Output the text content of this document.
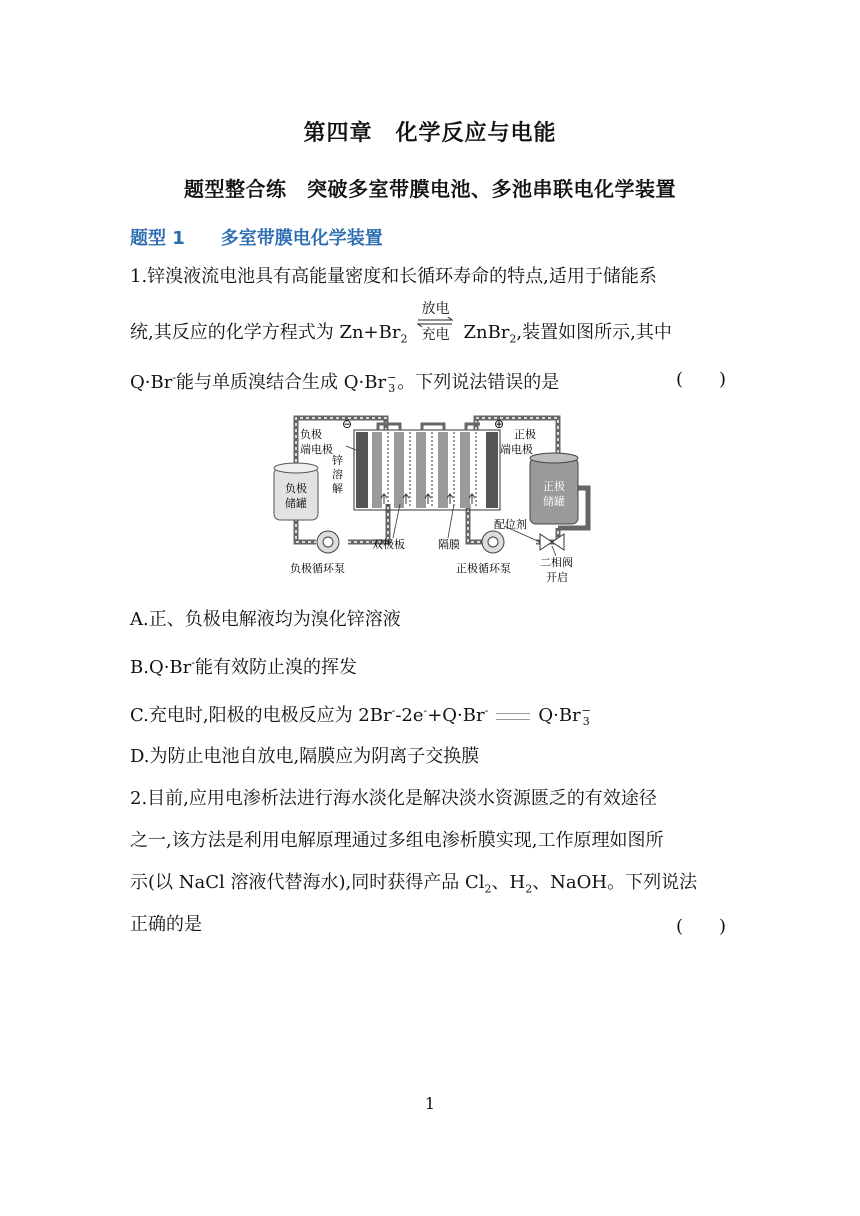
第四章　化学反应与电能
题型整合练　突破多室带膜电池、多池串联电化学装置
题型 1 多室带膜电化学装置
1.锌溴液流电池具有高能量密度和长循环寿命的特点,适用于储能系
统,其反应的化学方程式为 $Zn+Br_2$
放电
充电 ZnBr$_2$,装置如图所示,其中
Q·Br-能与单质溴结合生成 Q·Br −
3 。下列说法错误的是	(　　)
负极
储罐
正极
储罐
负极
端电极
⊖
正极
端电极
⊕
锌
溶
解
双极板	隔膜
配位剂
负极循环泵	正极循环泵	二相阀
开启
A.正、负极电解液均为溴化锌溶液
B.Q·Br-能有效防止溴的挥发
C.充电时,阳极的电极反应为 2Br--2e-+Q·Br-	Q·Br −
3
D.为防止电池自放电,隔膜应为阴离子交换膜
2.目前,应用电渗析法进行海水淡化是解决淡水资源匮乏的有效途径
之一,该方法是利用电解原理通过多组电渗析膜实现,工作原理如图所
示(以 NaCl 溶液代替海水),同时获得产品 $Cl_2$、$H_2$、NaOH。下列说法
正确的是	(　　)
1
